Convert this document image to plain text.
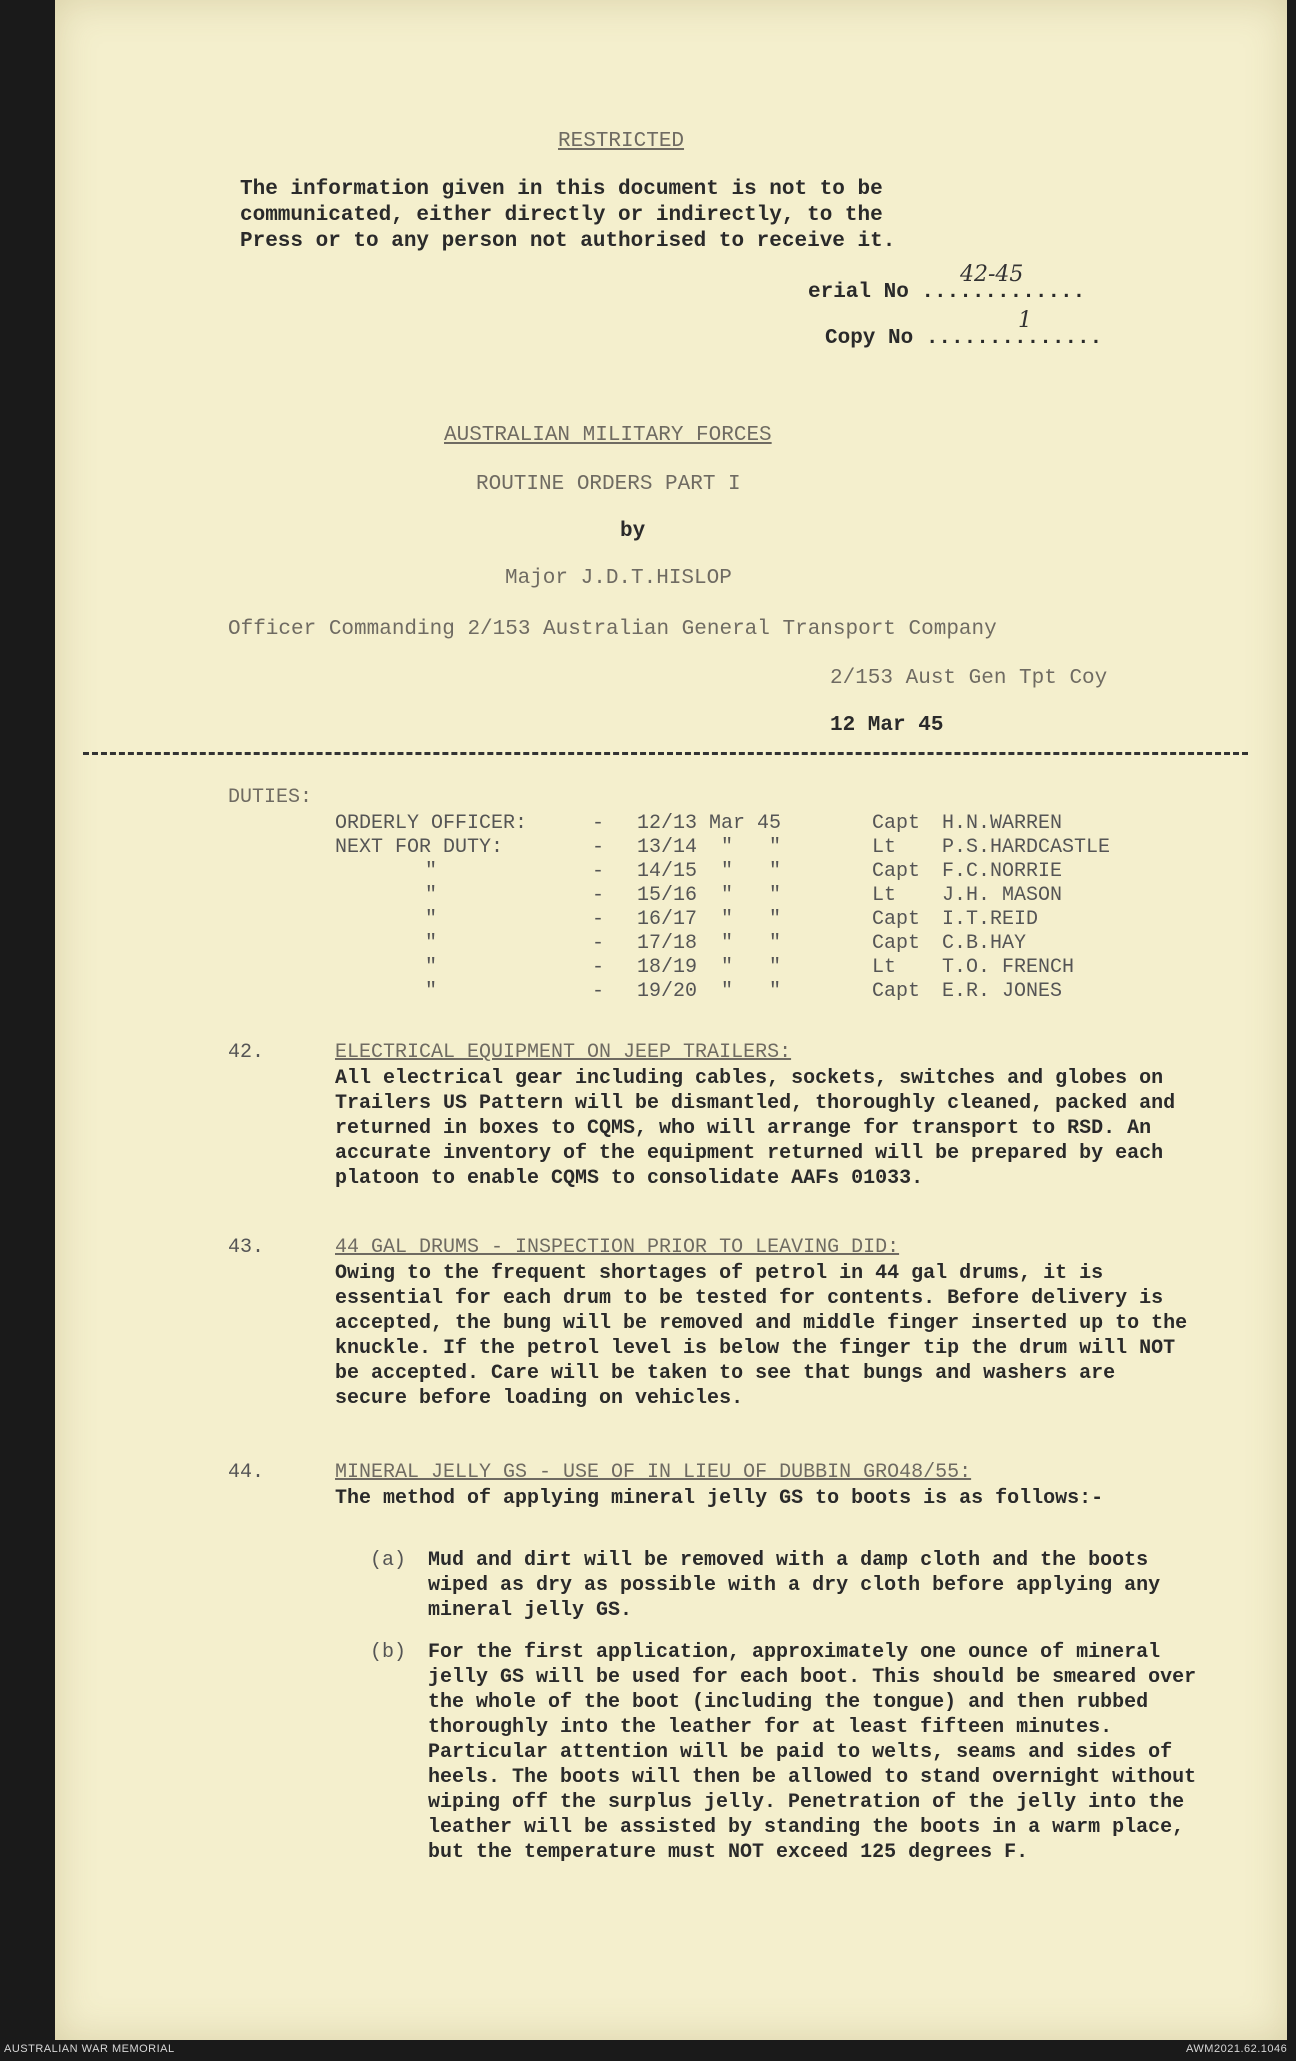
RESTRICTED
The information given in this document is not to be
communicated, either directly or indirectly, to the
Press or to any person not authorised to receive it.
erial No .............
42-45
Copy No ..............
1
AUSTRALIAN MILITARY FORCES
ROUTINE ORDERS PART I
by
Major J.D.T.HISLOP
Officer Commanding 2/153 Australian General Transport Company
2/153 Aust Gen Tpt Coy
12 Mar 45
DUTIES:
ORDERLY OFFICER:	- 12/13 Mar 45	Capt H.N.WARREN
NEXT FOR DUTY:	- 13/14  "   "	Lt P.S.HARDCASTLE
"	- 14/15  "   "	Capt F.C.NORRIE
"	- 15/16  "   "	Lt J.H. MASON
"	- 16/17  "   "	Capt I.T.REID
"	- 17/18  "   "	Capt C.B.HAY
"	- 18/19  "   "	Lt T.O. FRENCH
"	- 19/20  "   "	Capt E.R. JONES
42.	ELECTRICAL EQUIPMENT ON JEEP TRAILERS:
All electrical gear including cables, sockets, switches and globes on Trailers US Pattern will be dismantled, thoroughly cleaned, packed and returned in boxes to CQMS, who will arrange for transport to RSD. An accurate inventory of the equipment returned will be prepared by each platoon to enable CQMS to consolidate AAFs 01033.
43.	44 GAL DRUMS - INSPECTION PRIOR TO LEAVING DID:
Owing to the frequent shortages of petrol in 44 gal drums, it is essential for each drum to be tested for contents. Before delivery is accepted, the bung will be removed and middle finger inserted up to the knuckle. If the petrol level is below the finger tip the drum will NOT be accepted. Care will be taken to see that bungs and washers are secure before loading on vehicles.
44.	MINERAL JELLY GS - USE OF IN LIEU OF DUBBIN GRO48/55:
The method of applying mineral jelly GS to boots is as follows:-
(a) Mud and dirt will be removed with a damp cloth and the boots wiped as dry as possible with a dry cloth before applying any mineral jelly GS.
(b) For the first application, approximately one ounce of mineral jelly GS will be used for each boot. This should be smeared over the whole of the boot (including the tongue) and then rubbed thoroughly into the leather for at least fifteen minutes. Particular attention will be paid to welts, seams and sides of heels. The boots will then be allowed to stand overnight without wiping off the surplus jelly. Penetration of the jelly into the leather will be assisted by standing the boots in a warm place, but the temperature must NOT exceed 125 degrees F.
AUSTRALIAN WAR MEMORIAL	AWM2021.62.1046
